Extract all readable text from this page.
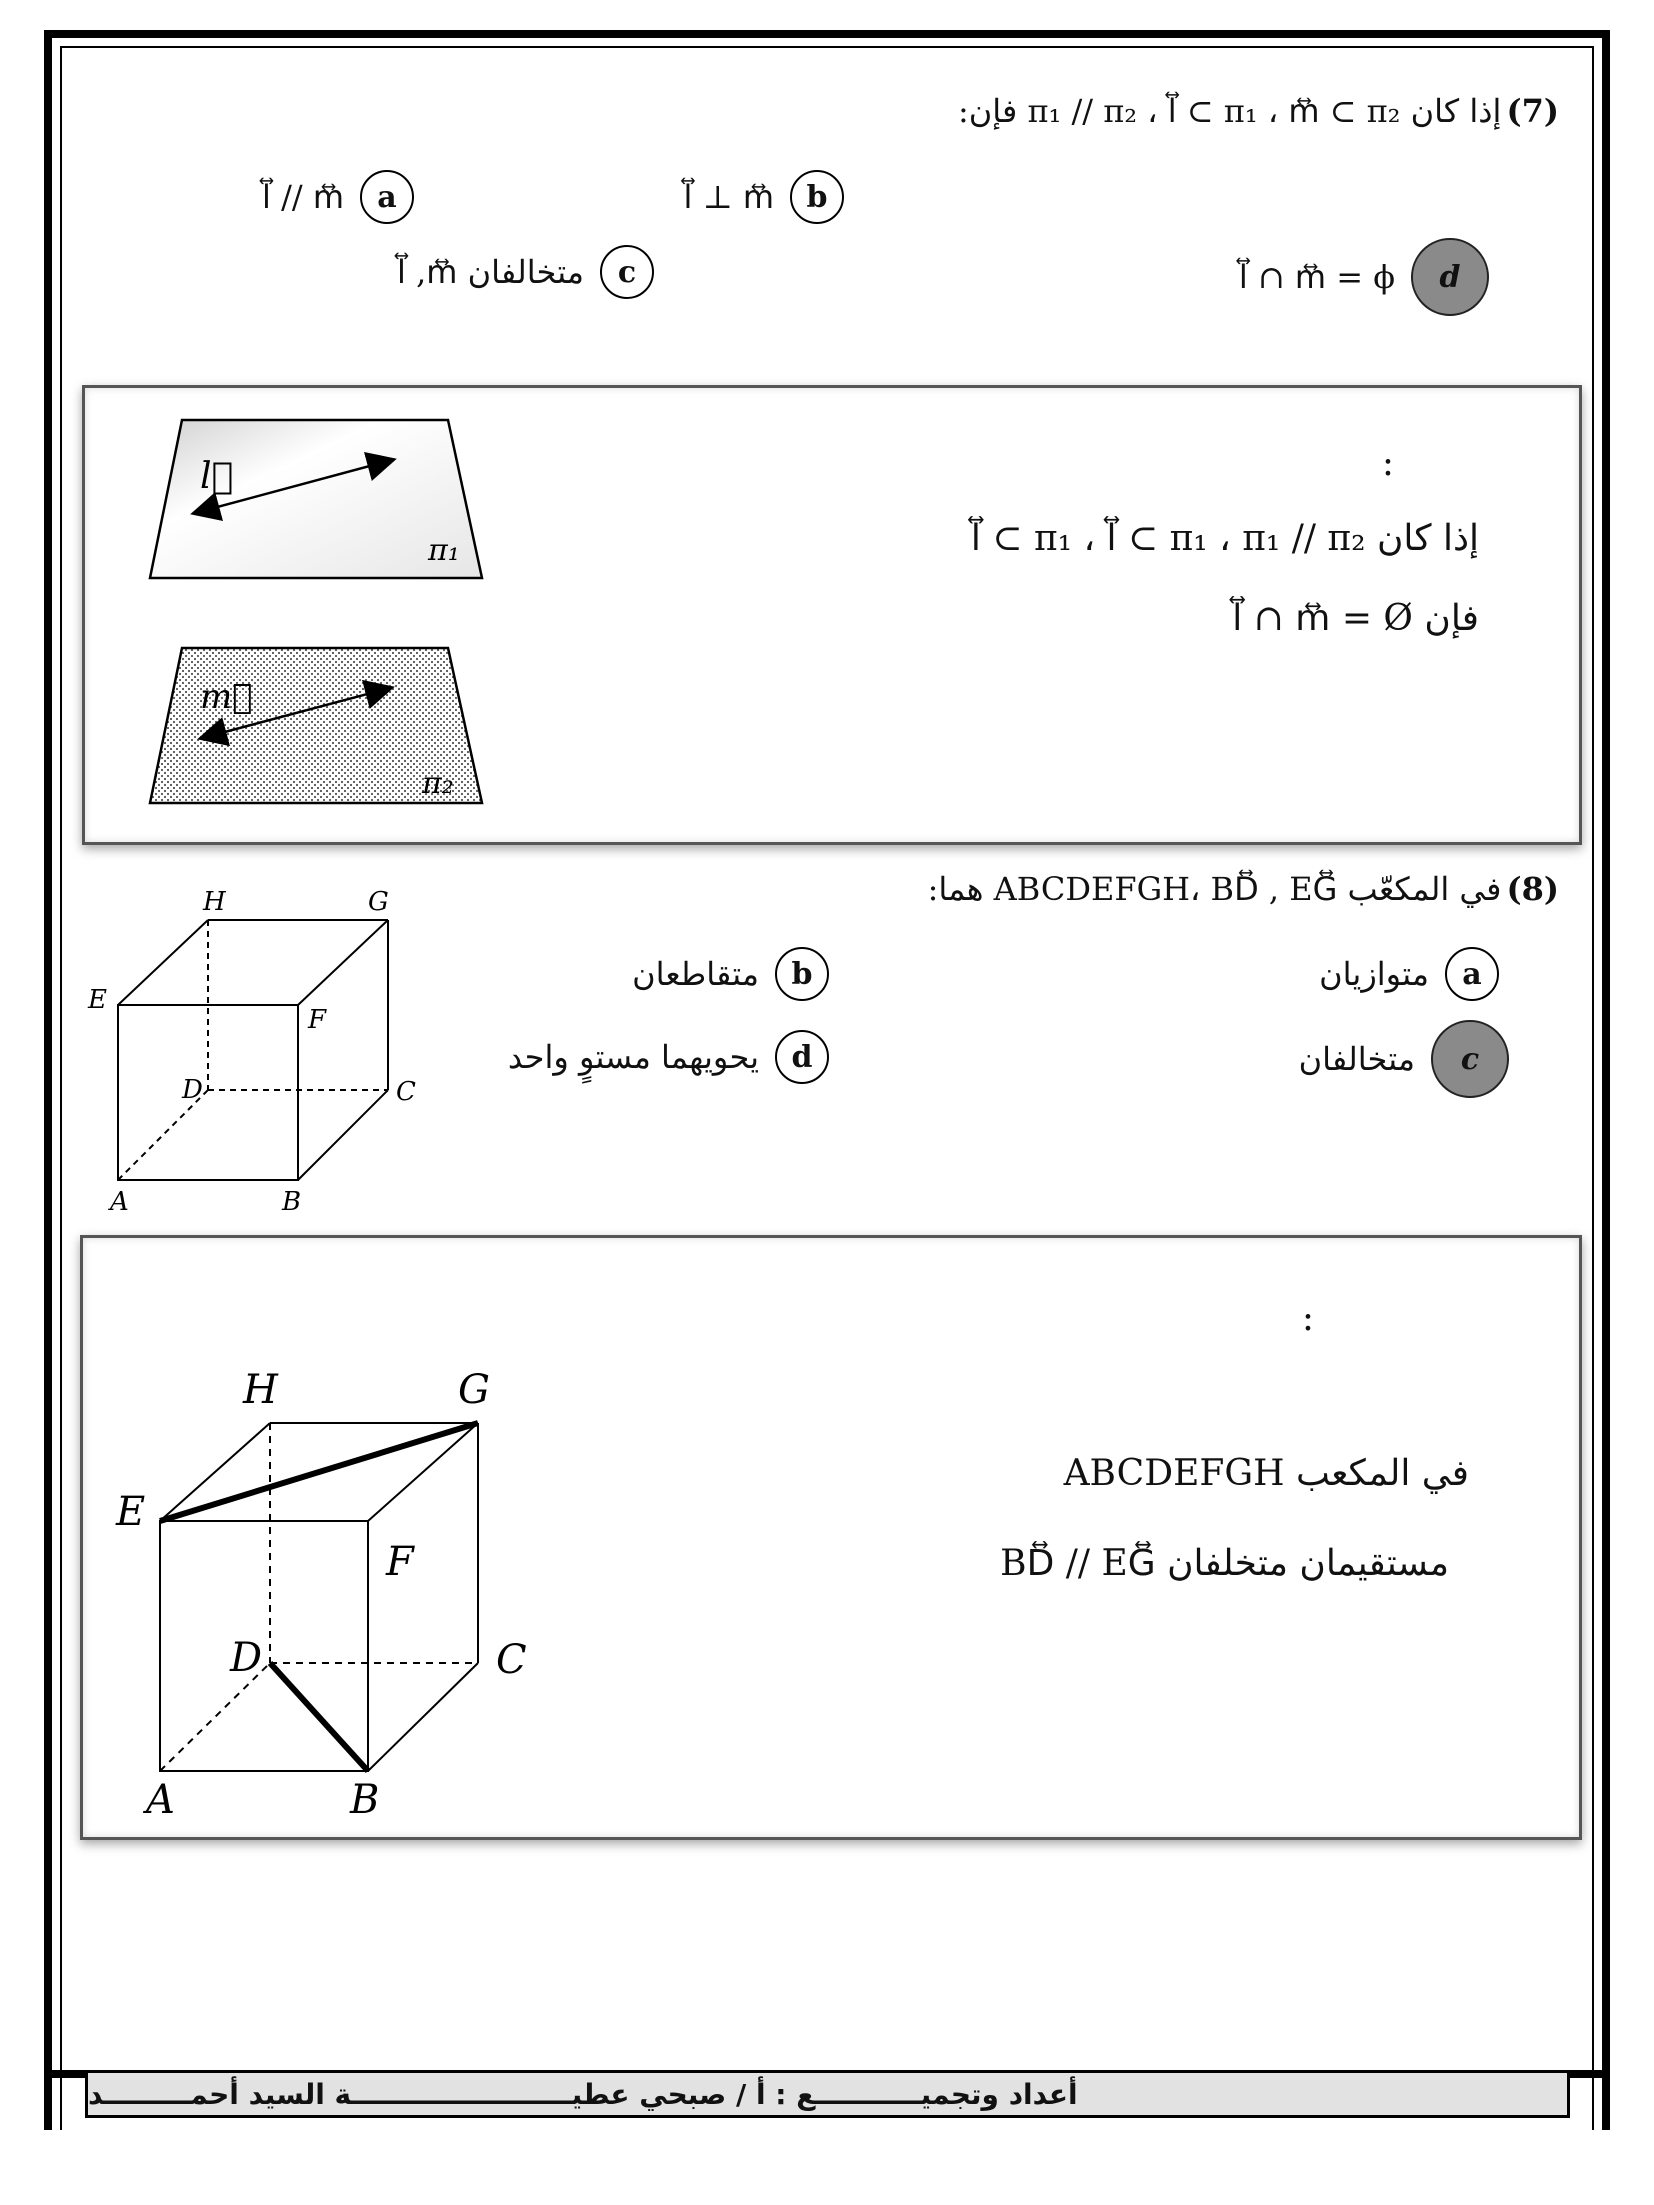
(7) إذا كان π₁ // π₂ ، l⃡ ⊂ π₁ ، m⃡ ⊂ π₂ فإن:
a
l⃡ // m⃡	b
l⃡ ⊥ m⃡
c
متخالفان l⃡ ,m⃡	d
l⃡ ∩ m⃡ = ϕ
l⃡
π₁
m⃡
π₂
:
إذا كان l⃡ ⊂ π₁ ، l⃡ ⊂ π₁ ، π₁ // π₂
فإن l⃡ ∩ m⃡ = Ø
(8) في المكعّب ABCDEFGH، BD⃡ , EG⃡ هما:
A	B
C
D
E
F
G
H
a
متوازيان
b
متقاطعان
c
متخالفان
d
يحويهما مستوٍ واحد
A	B
C
D
E
F
G
H
:
في المكعب ABCDEFGH
مستقيمان متخلفان BD⃡ // EG⃡
أعداد وتجميـــــــــــع : أ / صبحي عطيـــــــــــــــــــــــة السيد أحمـــــــــد
